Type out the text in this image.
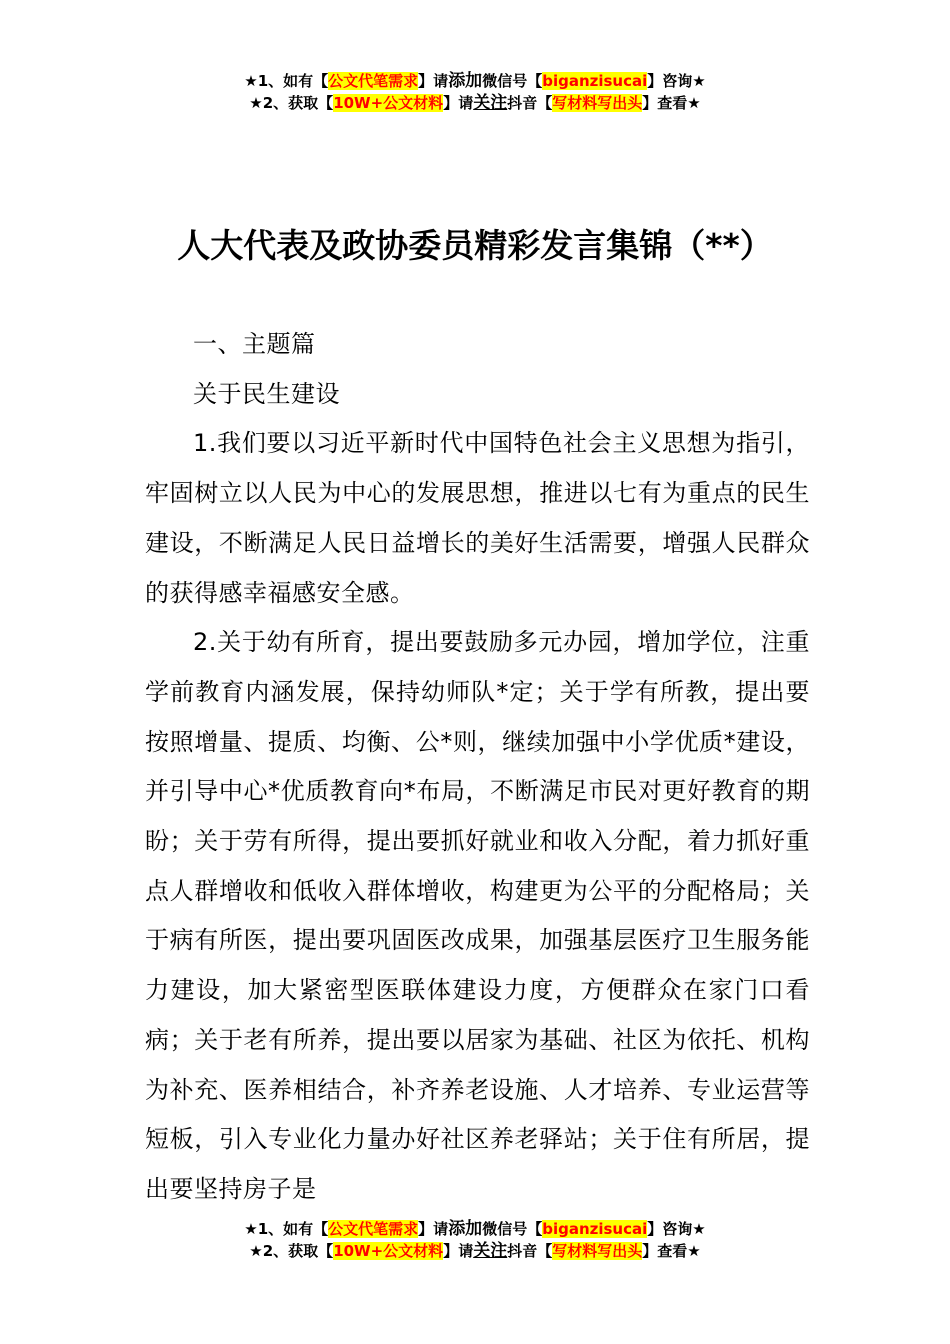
★1、如有【公文代笔需求】请添加微信号【biganzisucai】咨询★
★2、获取【10W+公文材料】请关注抖音【写材料写出头】查看★
人大代表及政协委员精彩发言集锦（**）

一、主题篇

关于民生建设

1.我们要以习近平新时代中国特色社会主义思想为指引，牢固树立以人民为中心的发展思想，推进以七有为重点的民生建设，不断满足人民日益增长的美好生活需要，增强人民群众的获得感幸福感安全感。

2.关于幼有所育，提出要鼓励多元办园，增加学位，注重学前教育内涵发展，保持幼师队*定；关于学有所教，提出要按照增量、提质、均衡、公*则，继续加强中小学优质*建设，并引导中心*优质教育向*布局，不断满足市民对更好教育的期盼；关于劳有所得，提出要抓好就业和收入分配，着力抓好重点人群增收和低收入群体增收，构建更为公平的分配格局；关于病有所医，提出要巩固医改成果，加强基层医疗卫生服务能力建设，加大紧密型医联体建设力度，方便群众在家门口看病；关于老有所养，提出要以居家为基础、社区为依托、机构为补充、医养相结合，补齐养老设施、人才培养、专业运营等短板，引入专业化力量办好社区养老驿站；关于住有所居，提出要坚持房子是

★1、如有【公文代笔需求】请添加微信号【biganzisucai】咨询★
★2、获取【10W+公文材料】请关注抖音【写材料写出头】查看★
